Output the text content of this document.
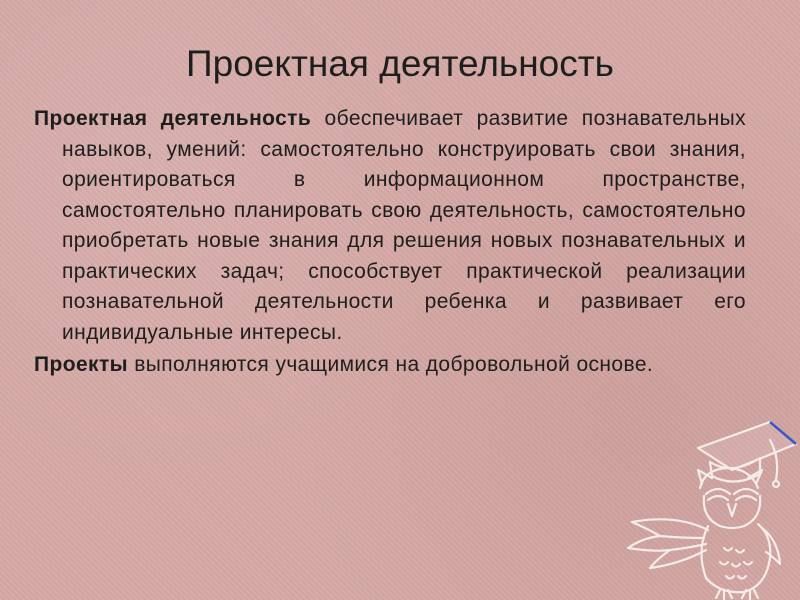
Проектная деятельность

Проектная деятельность обеспечивает развитие познавательных навыков, умений: самостоятельно конструировать свои знания, ориентироваться в информационном пространстве, самостоятельно планировать свою деятельность, самостоятельно приобретать новые знания для решения новых познавательных и практических задач; способствует практической реализации познавательной деятельности ребенка и развивает его индивидуальные интересы.

Проекты выполняются учащимися на добровольной основе.
